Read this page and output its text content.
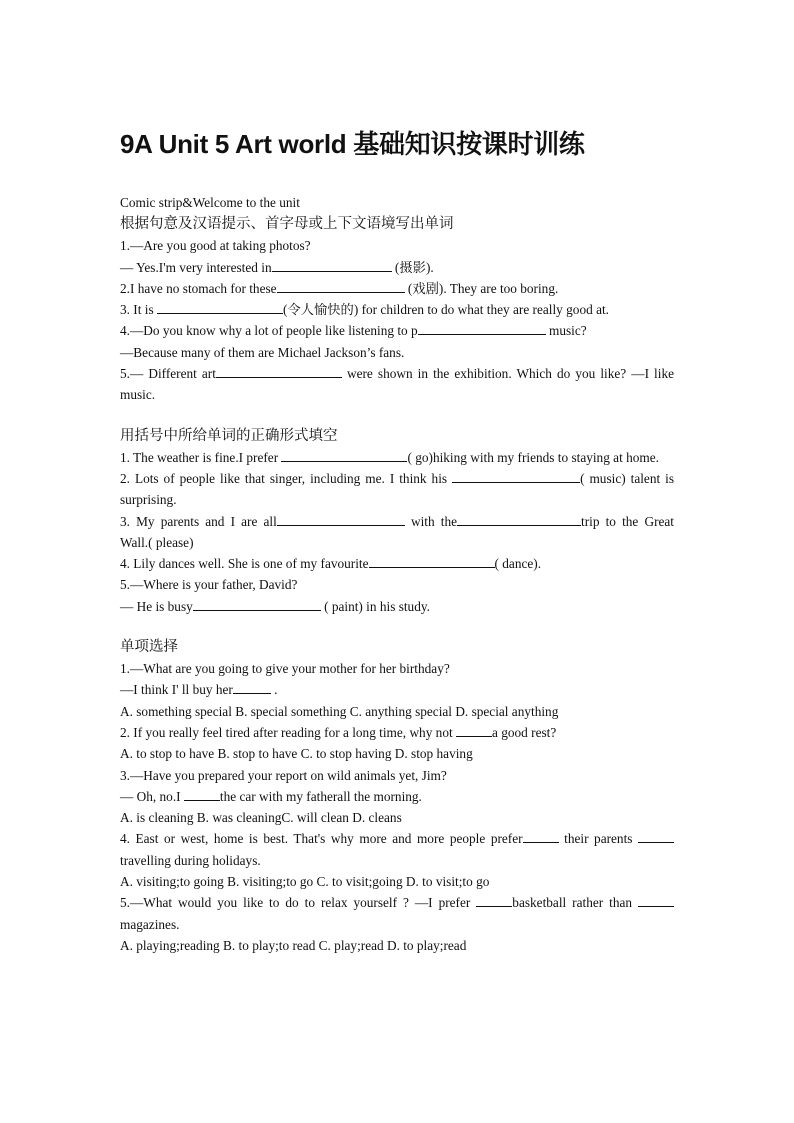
9A Unit 5 Art world 基础知识按课时训练
Comic strip&Welcome to the unit
根据句意及汉语提示、首字母或上下文语境写出单词
1.—Are you good at taking photos?
— Yes.I'm very interested in	(摄影).
2.I have no stomach for these	(戏剧). They are too boring.
3. It is	(令人愉快的) for children to do what they are really good at.
4.—Do you know why a lot of people like listening to p	music?
—Because many of them are Michael Jackson’s fans.
5.— Different art	were shown in the exhibition. Which do you like? —I like music.
用括号中所给单词的正确形式填空
1. The weather is fine.I prefer	( go)hiking with my friends to staying at home.
2. Lots of people like that singer, including me. I think his	( music) talent is surprising.
3. My parents and I are all	with the	trip to the Great Wall.( please)
4. Lily dances well. She is one of my favourite	( dance).
5.—Where is your father, David?
— He is busy	( paint) in his study.
单项选择
1.—What are you going to give your mother for her birthday?
—I think I' ll buy her	.
A. something special B. special something C. anything special D. special anything
2. If you really feel tired after reading for a long time, why not	a good rest?
A. to stop to have B. stop to have C. to stop having D. stop having
3.—Have you prepared your report on wild animals yet, Jim?
— Oh, no.I	the car with my fatherall the morning.
A. is cleaning B. was cleaningC. will clean D. cleans
4. East or west, home is best. That's why more and more people prefer	their parents travelling during holidays.
A. visiting;to going B. visiting;to go C. to visit;going D. to visit;to go
5.—What would you like to do to relax yourself ? —I prefer	basketball rather than magazines.
A. playing;reading B. to play;to read C. play;read D. to play;read
